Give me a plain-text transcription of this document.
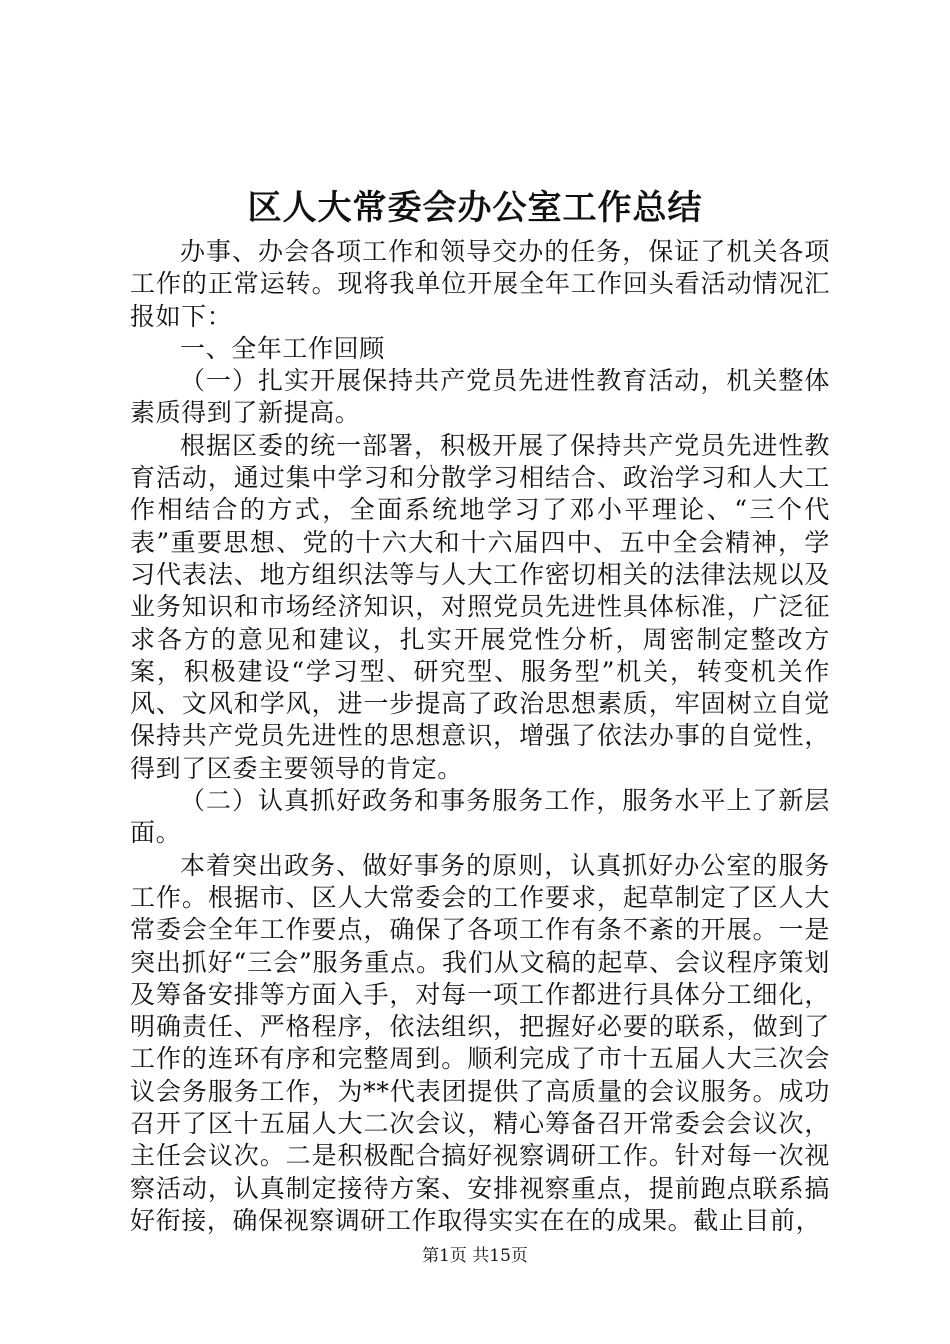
区人大常委会办公室工作总结

办事、办会各项工作和领导交办的任务，保证了机关各项工作的正常运转。现将我单位开展全年工作回头看活动情况汇报如下：

一、全年工作回顾

（一）扎实开展保持共产党员先进性教育活动，机关整体素质得到了新提高。

根据区委的统一部署，积极开展了保持共产党员先进性教育活动，通过集中学习和分散学习相结合、政治学习和人大工作相结合的方式，全面系统地学习了邓小平理论、“三个代表”重要思想、党的十六大和十六届四中、五中全会精神，学习代表法、地方组织法等与人大工作密切相关的法律法规以及业务知识和市场经济知识，对照党员先进性具体标准，广泛征求各方的意见和建议，扎实开展党性分析，周密制定整改方案，积极建设“学习型、研究型、服务型”机关，转变机关作风、文风和学风，进一步提高了政治思想素质，牢固树立自觉保持共产党员先进性的思想意识，增强了依法办事的自觉性，得到了区委主要领导的肯定。

（二）认真抓好政务和事务服务工作，服务水平上了新层面。

本着突出政务、做好事务的原则，认真抓好办公室的服务工作。根据市、区人大常委会的工作要求，起草制定了区人大常委会全年工作要点，确保了各项工作有条不紊的开展。一是突出抓好“三会”服务重点。我们从文稿的起草、会议程序策划及筹备安排等方面入手，对每一项工作都进行具体分工细化，明确责任、严格程序，依法组织，把握好必要的联系，做到了工作的连环有序和完整周到。顺利完成了市十五届人大三次会议会务服务工作，为**代表团提供了高质量的会议服务。成功召开了区十五届人大二次会议，精心筹备召开常委会会议次，主任会议次。二是积极配合搞好视察调研工作。针对每一次视察活动，认真制定接待方案、安排视察重点，提前跑点联系搞好衔接，确保视察调研工作取得实实在在的成果。截止目前，

第1页 共15页
